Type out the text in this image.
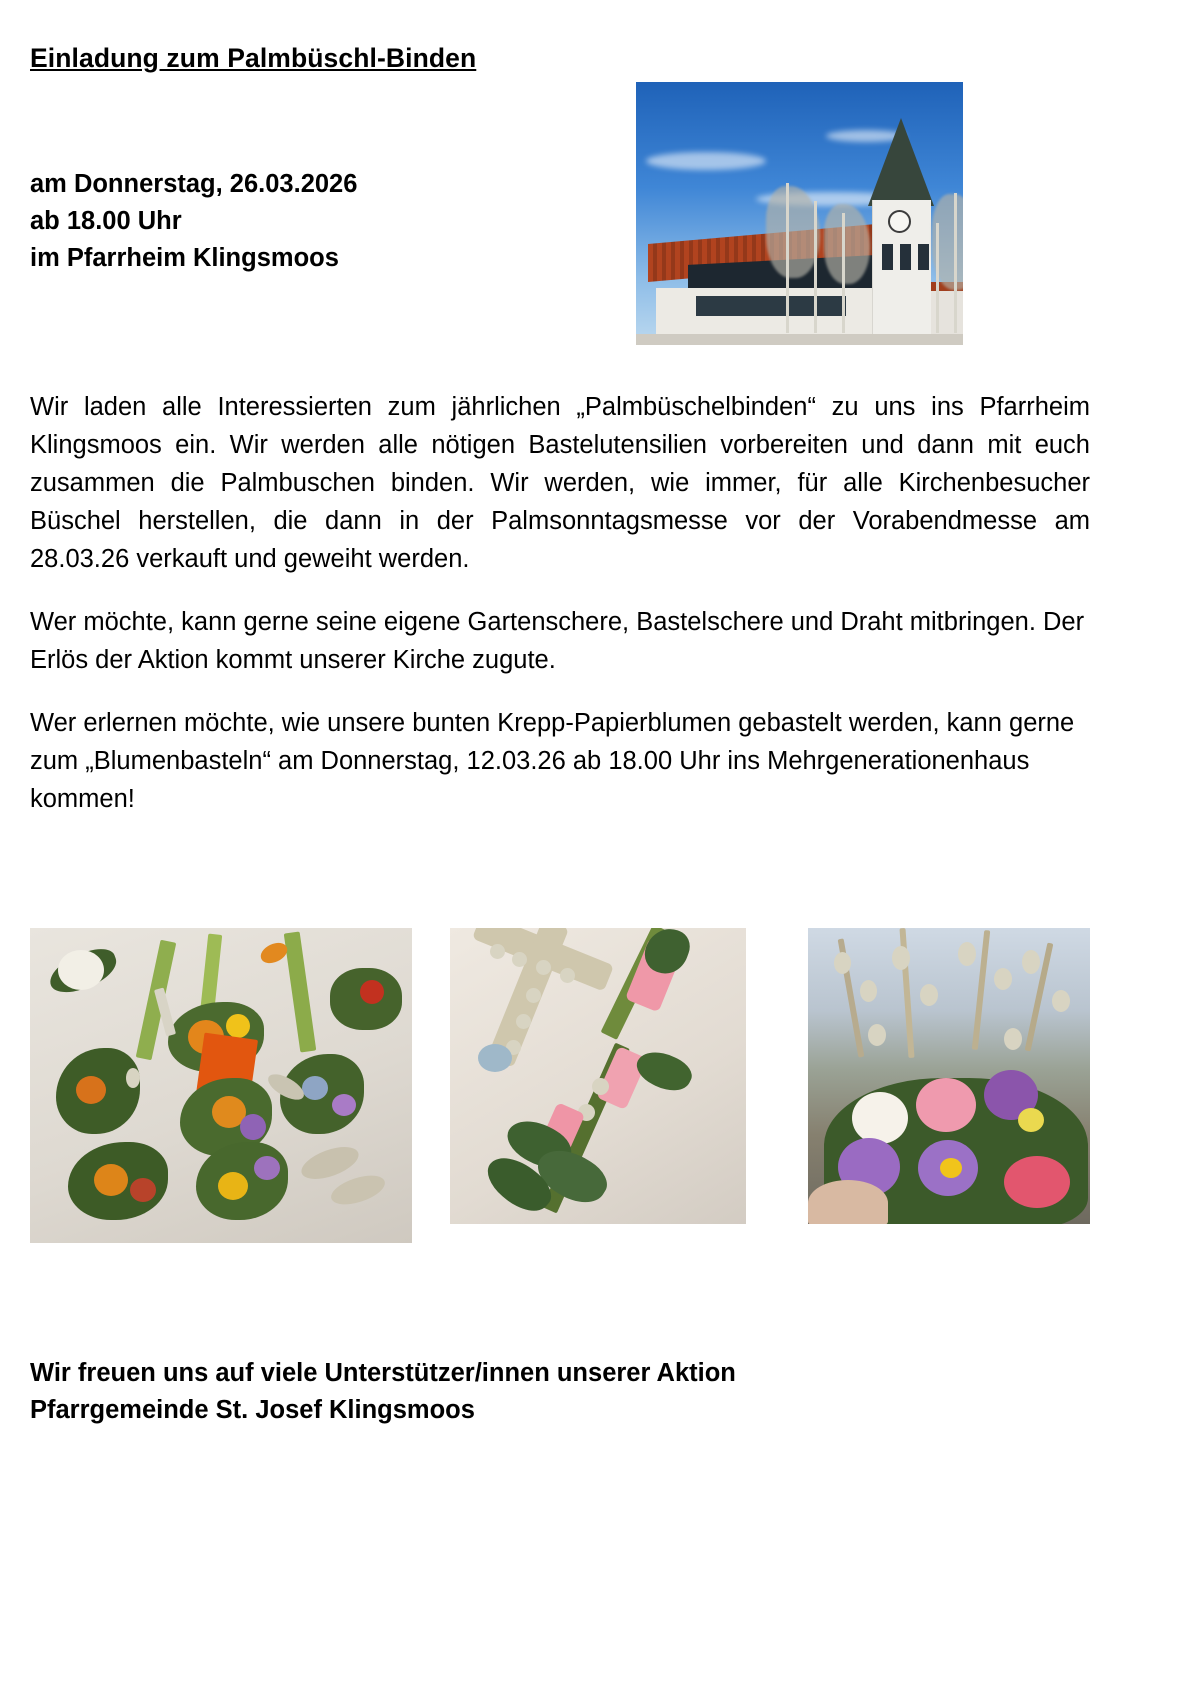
Einladung zum Palmbüschl-Binden
am Donnerstag, 26.03.2026
ab 18.00 Uhr
im Pfarrheim Klingsmoos

Wir laden alle Interessierten zum jährlichen „Palmbüschelbinden“ zu uns ins Pfarrheim Klingsmoos ein. Wir werden alle nötigen Bastelutensilien vorbereiten und dann mit euch zusammen die Palmbuschen binden. Wir werden, wie immer, für alle Kirchenbesucher Büschel herstellen, die dann in der Palmsonntagsmesse vor der Vorabendmesse am 28.03.26 verkauft und geweiht werden.

Wer möchte, kann gerne seine eigene Gartenschere, Bastelschere und Draht mitbringen. Der Erlös der Aktion kommt unserer Kirche zugute.

Wer erlernen möchte, wie unsere bunten Krepp-Papierblumen gebastelt werden, kann gerne zum „Blumenbasteln“ am Donnerstag, 12.03.26 ab 18.00 Uhr ins Mehrgenerationenhaus kommen!

Wir freuen uns auf viele Unterstützer/innen unserer Aktion
Pfarrgemeinde St. Josef Klingsmoos
